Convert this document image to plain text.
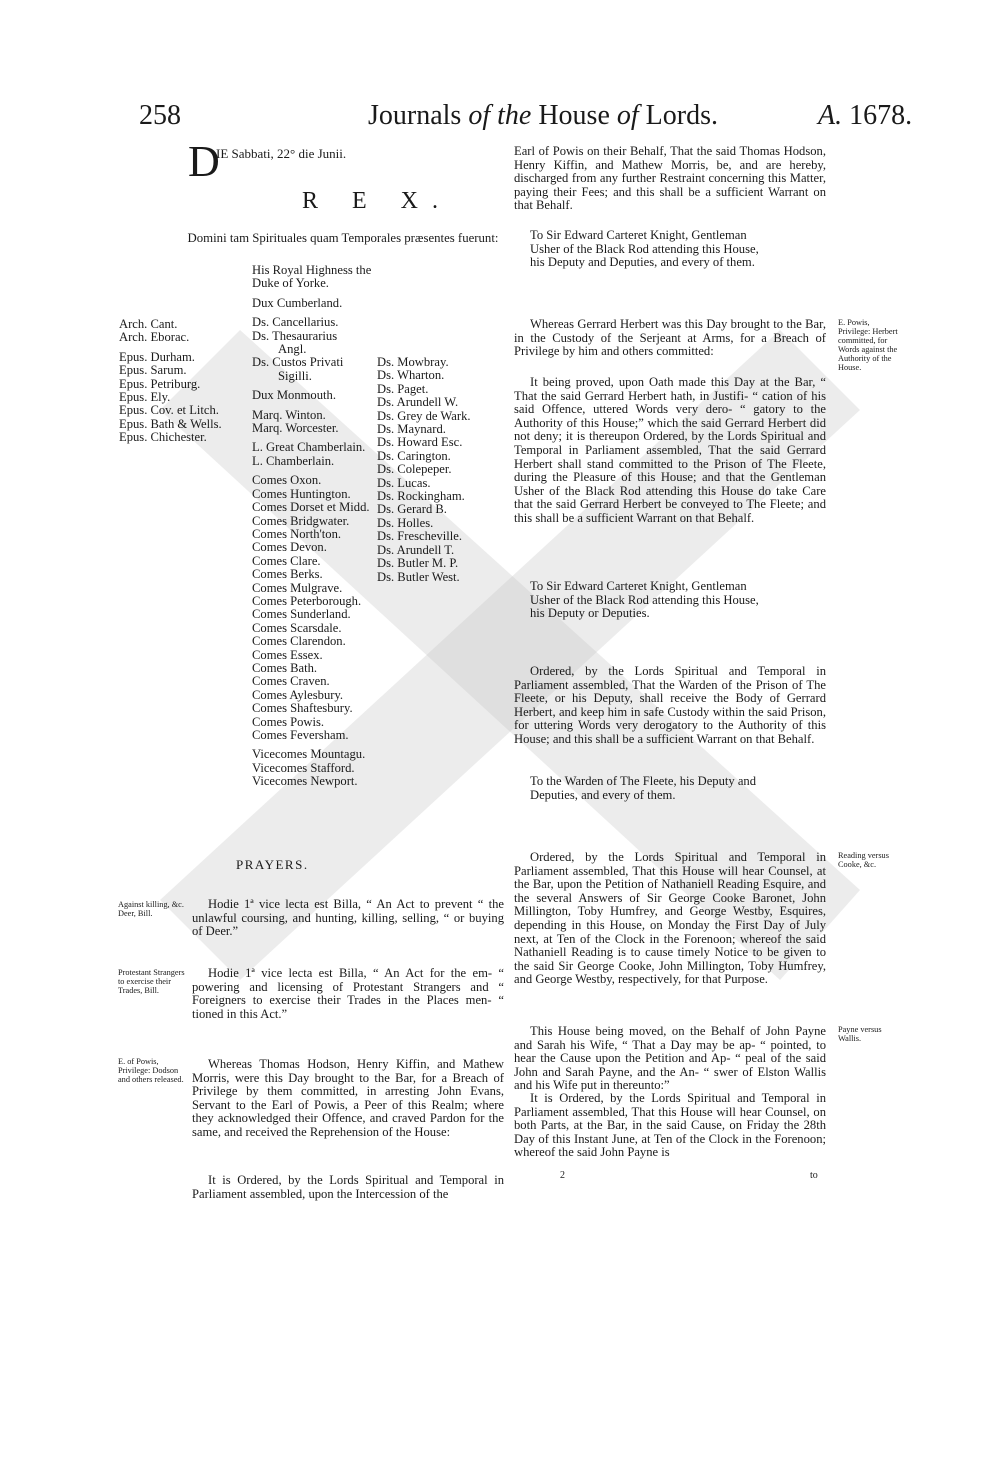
258	Journals of the House of Lords.	A. 1678.
D
IE Sabbati, 22° die Junii.
R E X.
Domini tam Spirituales quam Temporales præsentes fuerunt:
Arch. Cant.
Arch. Eborac.
Epus. Durham.
Epus. Sarum.
Epus. Petriburg.
Epus. Ely.
Epus. Cov. et Litch.
Epus. Bath & Wells.
Epus. Chichester.
His Royal Highness the
Duke of Yorke.
Dux Cumberland.
Ds. Cancellarius.
Ds. Thesaurarius
Angl.
Ds. Custos Privati
Sigilli.
Dux Monmouth.
Marq. Winton.
Marq. Worcester.
L. Great Chamberlain.
L. Chamberlain.
Comes Oxon.
Comes Huntington.
Comes Dorset et Midd.
Comes Bridgwater.
Comes North'ton.
Comes Devon.
Comes Clare.
Comes Berks.
Comes Mulgrave.
Comes Peterborough.
Comes Sunderland.
Comes Scarsdale.
Comes Clarendon.
Comes Essex.
Comes Bath.
Comes Craven.
Comes Aylesbury.
Comes Shaftesbury.
Comes Powis.
Comes Feversham.
Vicecomes Mountagu.
Vicecomes Stafford.
Vicecomes Newport.
Ds. Mowbray.
Ds. Wharton.
Ds. Paget.
Ds. Arundell W.
Ds. Grey de Wark.
Ds. Maynard.
Ds. Howard Esc.
Ds. Carington.
Ds. Colepeper.
Ds. Lucas.
Ds. Rockingham.
Ds. Gerard B.
Ds. Holles.
Ds. Frescheville.
Ds. Arundell T.
Ds. Butler M. P.
Ds. Butler West.
PRAYERS.
Against killing, &c. Deer, Bill.
Hodie 1ª vice lecta est Billa, “ An Act to prevent “ the unlawful coursing, and hunting, killing, selling, “ or buying of Deer.”
Protestant Strangers to exercise their Trades, Bill.
Hodie 1ª vice lecta est Billa, “ An Act for the em- “ powering and licensing of Protestant Strangers and “ Foreigners to exercise their Trades in the Places men- “ tioned in this Act.”
E. of Powis, Privilege: Dodson and others released.
Whereas Thomas Hodson, Henry Kiffin, and Mathew Morris, were this Day brought to the Bar, for a Breach of Privilege by them committed, in arresting John Evans, Servant to the Earl of Powis, a Peer of this Realm; where they acknowledged their Offence, and craved Pardon for the same, and received the Reprehension of the House:
It is Ordered, by the Lords Spiritual and Temporal in Parliament assembled, upon the Intercession of the
Earl of Powis on their Behalf, That the said Thomas Hodson, Henry Kiffin, and Mathew Morris, be, and are hereby, discharged from any further Restraint concerning this Matter, paying their Fees; and this shall be a sufficient Warrant on that Behalf.
To Sir Edward Carteret Knight, Gentleman Usher of the Black Rod attending this House, his Deputy and Deputies, and every of them.
E. Powis, Privilege: Herbert committed, for Words against the Authority of the House.
Whereas Gerrard Herbert was this Day brought to the Bar, in the Custody of the Serjeant at Arms, for a Breach of Privilege by him and others committed:
It being proved, upon Oath made this Day at the Bar, “ That the said Gerrard Herbert hath, in Justifi- “ cation of his said Offence, uttered Words very dero- “ gatory to the Authority of this House;” which the said Gerrard Herbert did not deny; it is thereupon Ordered, by the Lords Spiritual and Temporal in Parliament assembled, That the said Gerrard Herbert shall stand committed to the Prison of The Fleete, during the Pleasure of this House; and that the Gentleman Usher of the Black Rod attending this House do take Care that the said Gerrard Herbert be conveyed to The Fleete; and this shall be a sufficient Warrant on that Behalf.
To Sir Edward Carteret Knight, Gentleman Usher of the Black Rod attending this House, his Deputy or Deputies.
Ordered, by the Lords Spiritual and Temporal in Parliament assembled, That the Warden of the Prison of The Fleete, or his Deputy, shall receive the Body of Gerrard Herbert, and keep him in safe Custody within the said Prison, for uttering Words very derogatory to the Authority of this House; and this shall be a sufficient Warrant on that Behalf.
To the Warden of The Fleete, his Deputy and Deputies, and every of them.
Reading versus Cooke, &c.
Ordered, by the Lords Spiritual and Temporal in Parliament assembled, That this House will hear Counsel, at the Bar, upon the Petition of Nathaniell Reading Esquire, and the several Answers of Sir George Cooke Baronet, John Millington, Toby Humfrey, and George Westby, Esquires, depending in this House, on Monday the First Day of July next, at Ten of the Clock in the Forenoon; whereof the said Nathaniell Reading is to cause timely Notice to be given to the said Sir George Cooke, John Millington, Toby Humfrey, and George Westby, respectively, for that Purpose.
Payne versus Wallis.
This House being moved, on the Behalf of John Payne and Sarah his Wife, “ That a Day may be ap- “ pointed, to hear the Cause upon the Petition and Ap- “ peal of the said John and Sarah Payne, and the An- “ swer of Elston Wallis and his Wife put in thereunto:”
It is Ordered, by the Lords Spiritual and Temporal in Parliament assembled, That this House will hear Counsel, on both Parts, at the Bar, in the said Cause, on Friday the 28th Day of this Instant June, at Ten of the Clock in the Forenoon; whereof the said John Payne is
2	to
